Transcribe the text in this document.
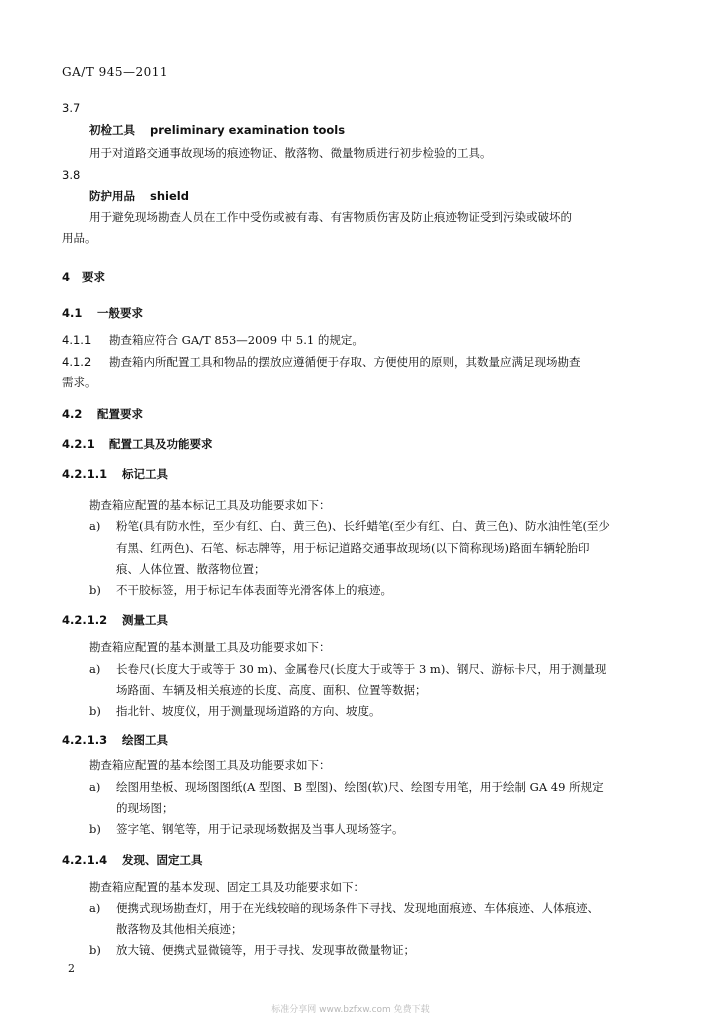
GA/T 945—2011
3.7
初检工具 preliminary examination tools
用于对道路交通事故现场的痕迹物证、散落物、微量物质进行初步检验的工具。
3.8
防护用品 shield
用于避免现场勘查人员在工作中受伤或被有毒、有害物质伤害及防止痕迹物证受到污染或破坏的
用品。
4 要求
4.1 一般要求
4.1.1 勘查箱应符合 GA/T 853—2009 中 5.1 的规定。
4.1.2 勘查箱内所配置工具和物品的摆放应遵循便于存取、方便使用的原则，其数量应满足现场勘查
需求。
4.2 配置要求
4.2.1 配置工具及功能要求
4.2.1.1 标记工具
勘查箱应配置的基本标记工具及功能要求如下：
a) 粉笔(具有防水性，至少有红、白、黄三色)、长纤蜡笔(至少有红、白、黄三色)、防水油性笔(至少
有黑、红两色)、石笔、标志牌等，用于标记道路交通事故现场(以下简称现场)路面车辆轮胎印
痕、人体位置、散落物位置；
b) 不干胶标签，用于标记车体表面等光滑客体上的痕迹。
4.2.1.2 测量工具
勘查箱应配置的基本测量工具及功能要求如下：
a) 长卷尺(长度大于或等于 30 m)、金属卷尺(长度大于或等于 3 m)、钢尺、游标卡尺，用于测量现
场路面、车辆及相关痕迹的长度、高度、面积、位置等数据；
b) 指北针、坡度仪，用于测量现场道路的方向、坡度。
4.2.1.3 绘图工具
勘查箱应配置的基本绘图工具及功能要求如下：
a) 绘图用垫板、现场图图纸(A 型图、B 型图)、绘图(软)尺、绘图专用笔，用于绘制 GA 49 所规定
的现场图；
b) 签字笔、钢笔等，用于记录现场数据及当事人现场签字。
4.2.1.4 发现、固定工具
勘查箱应配置的基本发现、固定工具及功能要求如下：
a) 便携式现场勘查灯，用于在光线较暗的现场条件下寻找、发现地面痕迹、车体痕迹、人体痕迹、
散落物及其他相关痕迹；
b) 放大镜、便携式显微镜等，用于寻找、发现事故微量物证；
2
标准分享网 www.bzfxw.com 免费下载
